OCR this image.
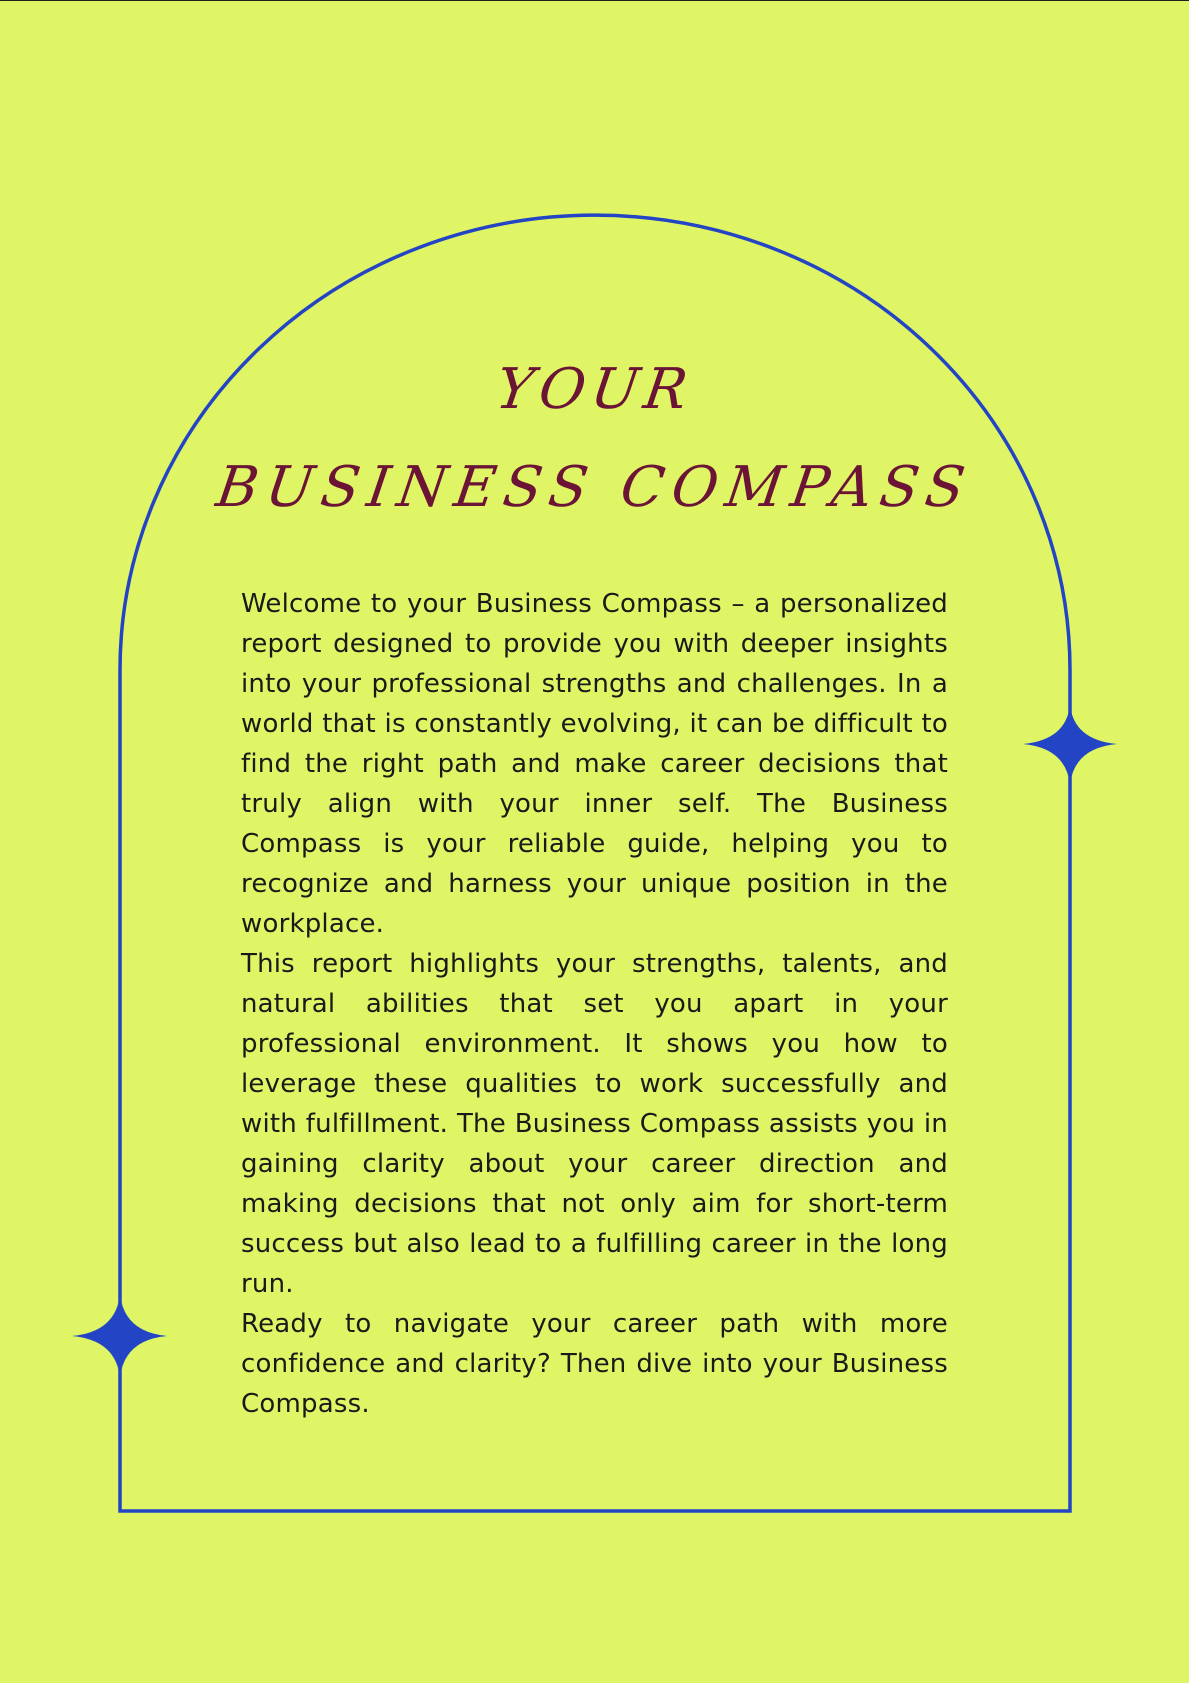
YOUR
BUSINESS COMPASS

Welcome to your Business Compass – a personalized report designed to provide you with deeper insights into your professional strengths and challenges. In a world that is constantly evolving, it can be difficult to find the right path and make career decisions that truly align with your inner self. The Business Compass is your reliable guide, helping you to recognize and harness your unique position in the workplace.

This report highlights your strengths, talents, and natural abilities that set you apart in your professional environment. It shows you how to leverage these qualities to work successfully and with fulfillment. The Business Compass assists you in gaining clarity about your career direction and making decisions that not only aim for short-term success but also lead to a fulfilling career in the long run.

Ready to navigate your career path with more confidence and clarity? Then dive into your Business Compass.
